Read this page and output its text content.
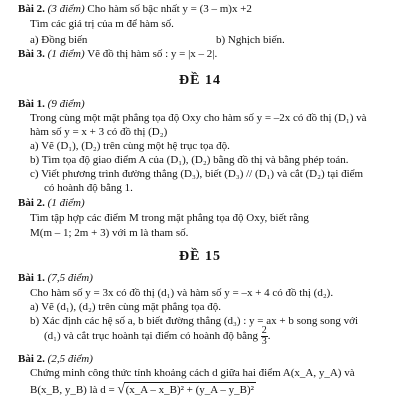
Bài 2. (3 điểm) Cho hàm số bậc nhất y = (3 – m)x +2
Tìm các giá trị của m để hàm số.
a) Đồng biến	b) Nghịch biến.
Bài 3. (1 điểm) Vẽ đồ thị hàm số : y = |x – 2|.
ĐỀ 14
Bài 1. (9 điểm)
Trong cùng một mặt phẳng tọa độ Oxy cho hàm số y = –2x có đồ thị (D₁) và
hàm số y = x + 3 có đồ thị (D₂)
a) Vẽ (D₁), (D₂) trên cùng một hệ trục tọa độ.
b) Tìm tọa độ giao điểm A của (D₁), (D₂) bằng đồ thị và bằng phép toán.
c) Viết phương trình đường thẳng (D₃), biết (D₃) // (D₁) và cắt (D₂) tại điểm
có hoành độ bằng 1.
Bài 2. (1 điểm)
Tìm tập hợp các điểm M trong mặt phẳng tọa độ Oxy, biết rằng
M(m – 1; 2m + 3) với m là tham số.
ĐỀ 15
Bài 1. (7,5 điểm)
Cho hàm số y = 3x có đồ thị (d₁) và hàm số y = –x + 4 có đồ thị (d₂).
a) Vẽ (d₁), (d₂) trên cùng mặt phẳng tọa độ.
b) Xác định các hệ số a, b biết đường thẳng (d₃) : y = ax + b song song với
(d₁) và cắt trục hoành tại điểm có hoành độ bằng $\frac{2}{3}$ .
Bài 2. (2,5 điểm)
Chứng minh công thức tính khoảng cách d giữa hai điểm A(x_A, y_A) và
B(x_B, y_B) là d = √(x_A – x_B)² + (y_A – y_B)²
